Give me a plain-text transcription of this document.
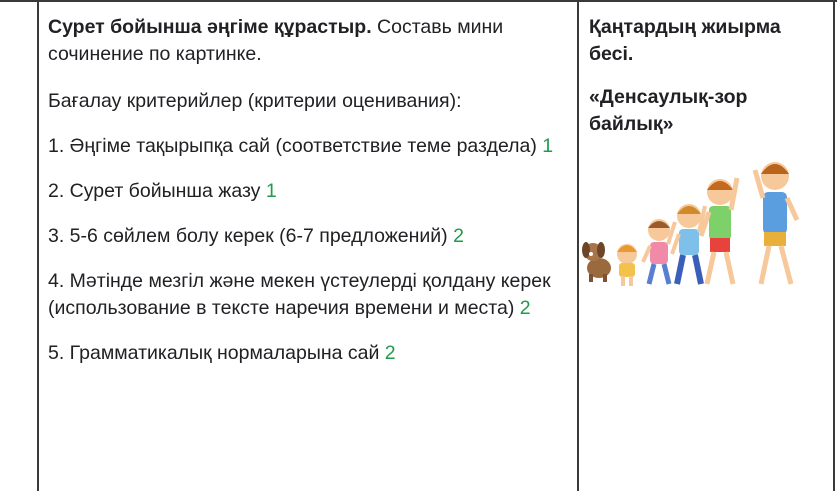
Сурет бойынша әңгіме құрастыр. Составь мини сочинение по картинке.

Бағалау критерийлер (критерии оценивания):

1. Әңгіме тақырыпқа сай (соответствие теме раздела) 1

2. Сурет бойынша жазу 1

3. 5-6 сөйлем болу керек (6-7 предложений) 2

4. Мәтінде мезгіл және мекен үстеулерді қолдану керек (использование в тексте наречия времени и места) 2

5. Грамматикалық нормаларына сай 2

Қаңтардың жиырма бесі.

«Денсаулық-зор байлық»
